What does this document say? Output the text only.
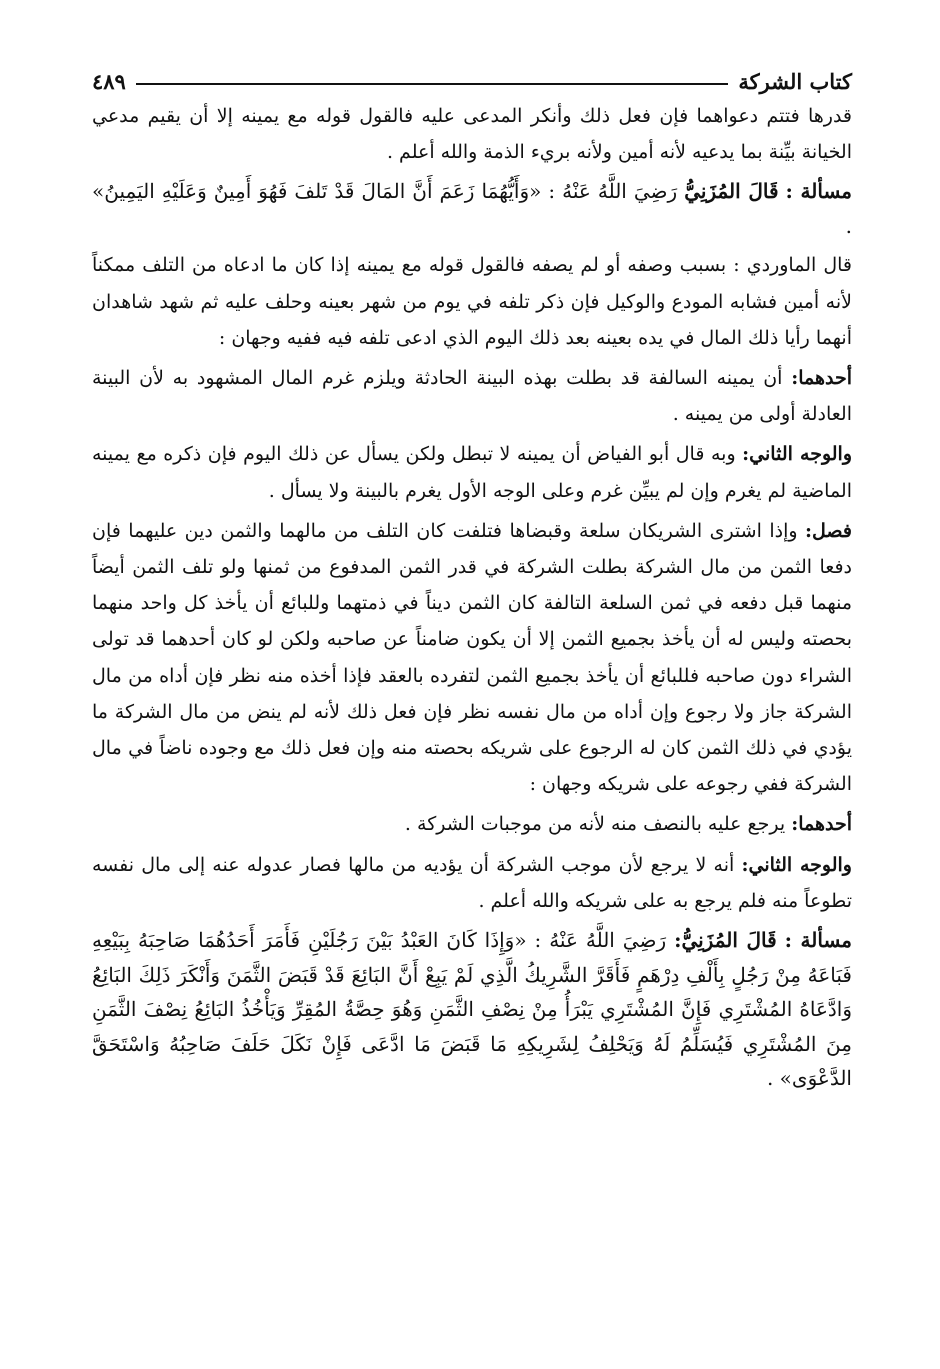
كتاب الشركة
٤٨٩

قدرها فتتم دعواهما فإن فعل ذلك وأنكر المدعى عليه فالقول قوله مع يمينه إلا أن يقيم مدعي الخيانة بيِّنة بما يدعيه لأنه أمين ولأنه بريء الذمة والله أعلم .

مسألة : قَالَ المُزَنِيُّ رَضِيَ اللَّهُ عَنْهُ : «وَأَيُّهُمَا زَعَمَ أَنَّ المَالَ قَدْ تَلفَ فَهُوَ أَمِينٌ وَعَلَيْهِ اليَمِينُ» .

قال الماوردي : بسبب وصفه أو لم يصفه فالقول قوله مع يمينه إذا كان ما ادعاه من التلف ممكناً لأنه أمين فشابه المودع والوكيل فإن ذكر تلفه في يوم من شهر بعينه وحلف عليه ثم شهد شاهدان أنهما رأيا ذلك المال في يده بعينه بعد ذلك اليوم الذي ادعى تلفه فيه ففيه وجهان :

أحدهما: أن يمينه السالفة قد بطلت بهذه البينة الحادثة ويلزم غرم المال المشهود به لأن البينة العادلة أولى من يمينه .

والوجه الثاني: وبه قال أبو الفياض أن يمينه لا تبطل ولكن يسأل عن ذلك اليوم فإن ذكره مع يمينه الماضية لم يغرم وإن لم يبيِّن غرم وعلى الوجه الأول يغرم بالبينة ولا يسأل .

فصل: وإذا اشترى الشريكان سلعة وقبضاها فتلفت كان التلف من مالهما والثمن دين عليهما فإن دفعا الثمن من مال الشركة بطلت الشركة في قدر الثمن المدفوع من ثمنها ولو تلف الثمن أيضاً منهما قبل دفعه في ثمن السلعة التالفة كان الثمن ديناً في ذمتهما وللبائع أن يأخذ كل واحد منهما بحصته وليس له أن يأخذ بجميع الثمن إلا أن يكون ضامناً عن صاحبه ولكن لو كان أحدهما قد تولى الشراء دون صاحبه فللبائع أن يأخذ بجميع الثمن لتفرده بالعقد فإذا أخذه منه نظر فإن أداه من مال الشركة جاز ولا رجوع وإن أداه من مال نفسه نظر فإن فعل ذلك لأنه لم ينض من مال الشركة ما يؤدي في ذلك الثمن كان له الرجوع على شريكه بحصته منه وإن فعل ذلك مع وجوده ناضاً في مال الشركة ففي رجوعه على شريكه وجهان :

أحدهما: يرجع عليه بالنصف منه لأنه من موجبات الشركة .

والوجه الثاني: أنه لا يرجع لأن موجب الشركة أن يؤديه من مالها فصار عدوله عنه إلى مال نفسه تطوعاً منه فلم يرجع به على شريكه والله أعلم .

مسألة : قَالَ المُزَنِيُّ: رَضِيَ اللَّهُ عَنْهُ : «وَإِذَا كَانَ العَبْدُ بَيْنَ رَجُلَيْنِ فَأَمَرَ أَحَدُهُمَا صَاحِبَهُ بِبَيْعِهِ فَبَاعَهُ مِنْ رَجُلٍ بِأَلْفِ دِرْهَمٍ فَأَقَرَّ الشَّرِيكُ الَّذِي لَمْ يَبِعْ أَنَّ البَائِعَ قَدْ قَبَضَ الثَّمَنَ وَأَنْكَرَ ذَلِكَ البَائِعُ وَادَّعَاهُ المُشْتَرِي فَإِنَّ المُشْتَرِي يَبْرَأُ مِنْ نِصْفِ الثَّمَنِ وَهُوَ حِصَّةُ المُقِرِّ وَيَأْخُذُ البَائِعُ نِصْفَ الثَّمَنِ مِنَ المُشْتَرِي فَيُسَلِّمُ لَهُ وَيَحْلِفُ لِشَرِيكِهِ مَا قَبَضَ مَا ادَّعَى فَإِنْ نَكَلَ حَلَفَ صَاحِبُهُ وَاسْتَحَقَّ الدَّعْوَى» .
